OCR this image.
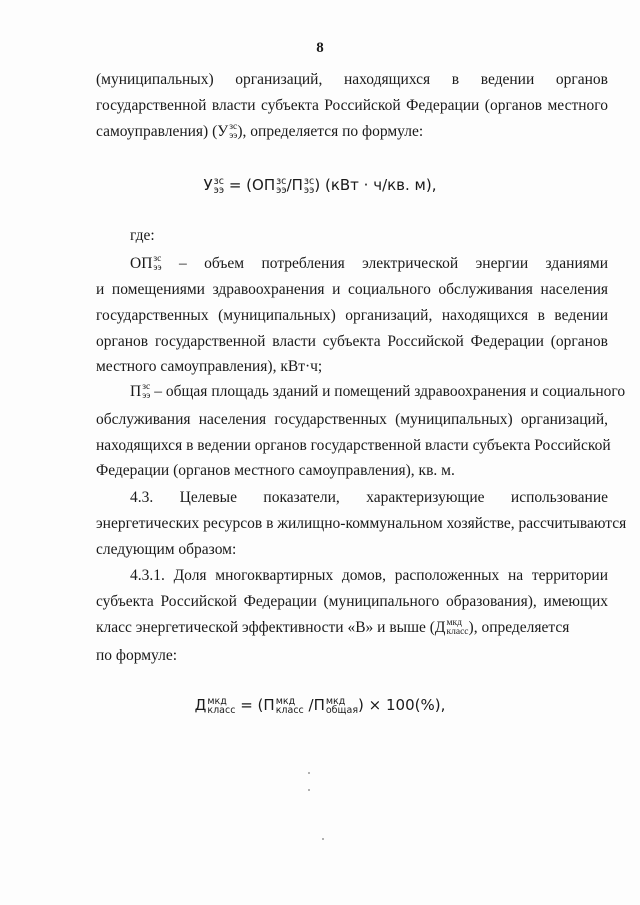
8
(муниципальных) организаций, находящихся в ведении органов
государственной власти субъекта Российской Федерации (органов местного
самоуправления) (У зс
ээ ), определяется по формуле:
У зс
ээ = (ОП зс
ээ /П зс
ээ ) (кВт · ч/кв. м),
где:
ОП зс
ээ – объем потребления электрической энергии зданиями
и помещениями здравоохранения и социального обслуживания населения
государственных (муниципальных) организаций, находящихся в ведении
органов государственной власти субъекта Российской Федерации (органов
местного самоуправления), кВт·ч;
П зс
ээ – общая площадь зданий и помещений здравоохранения и социального
обслуживания населения государственных (муниципальных) организаций,
находящихся в ведении органов государственной власти субъекта Российской
Федерации (органов местного самоуправления), кв. м.
4.3. Целевые показатели, характеризующие использование
энергетических ресурсов в жилищно-коммунальном хозяйстве, рассчитываются
следующим образом:
4.3.1. Доля многоквартирных домов, расположенных на территории
субъекта Российской Федерации (муниципального образования), имеющих
класс энергетической эффективности «В» и выше (Д мкд
класс ), определяется
по формуле:
Д мкд
класс = (П мкд
класс /П мкд
общая ) × 100(%),
